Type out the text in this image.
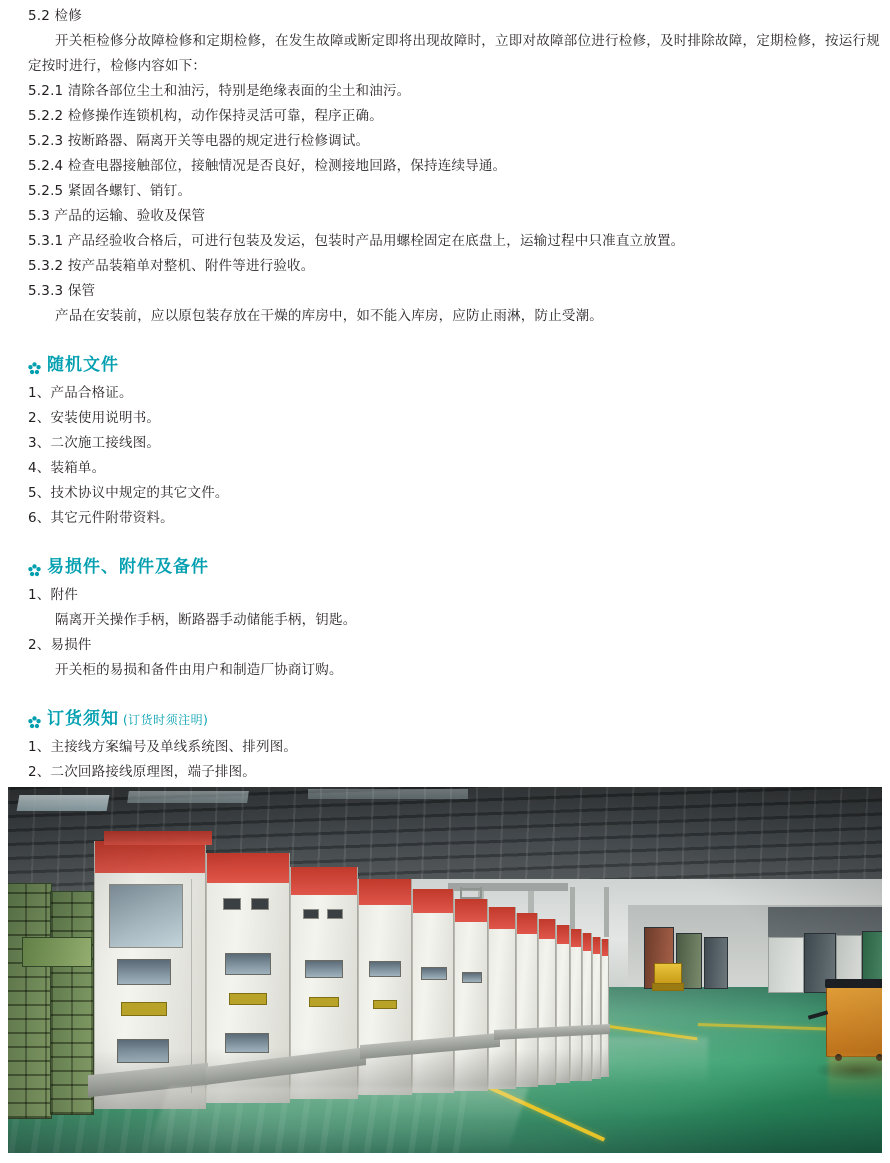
5.2 检修

开关柜检修分故障检修和定期检修，在发生故障或断定即将出现故障时，立即对故障部位进行检修，及时排除故障，定期检修，按运行规定按时进行，检修内容如下：

5.2.1 清除各部位尘土和油污，特别是绝缘表面的尘土和油污。

5.2.2 检修操作连锁机构，动作保持灵活可靠，程序正确。

5.2.3 按断路器、隔离开关等电器的规定进行检修调试。

5.2.4 检查电器接触部位，接触情况是否良好，检测接地回路，保持连续导通。

5.2.5 紧固各螺钉、销钉。

5.3 产品的运输、验收及保管

5.3.1 产品经验收合格后，可进行包装及发运，包装时产品用螺栓固定在底盘上，运输过程中只准直立放置。

5.3.2 按产品装箱单对整机、附件等进行验收。

5.3.3 保管

产品在安装前，应以原包装存放在干燥的库房中，如不能入库房，应防止雨淋，防止受潮。

随机文件

1、产品合格证。

2、安装使用说明书。

3、二次施工接线图。

4、装箱单。

5、技术协议中规定的其它文件。

6、其它元件附带资料。

易损件、附件及备件

1、附件

隔离开关操作手柄，断路器手动储能手柄，钥匙。

2、易损件

开关柜的易损和备件由用户和制造厂协商订购。

订货须知 (订货时须注明)

1、主接线方案编号及单线系统图、排列图。

2、二次回路接线原理图，端子排图。
